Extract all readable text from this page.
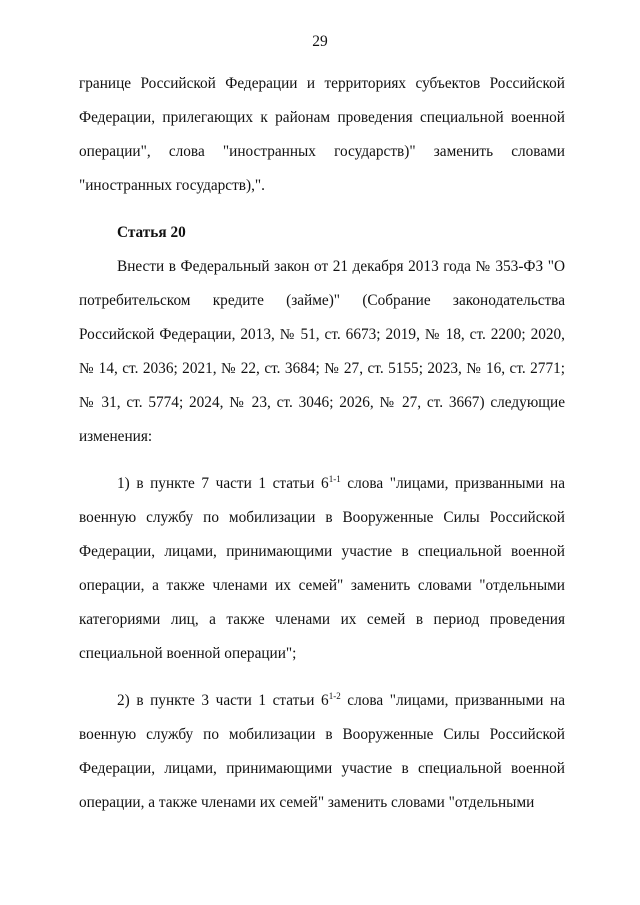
29

границе Российской Федерации и территориях субъектов Российской Федерации, прилегающих к районам проведения специальной военной операции", слова "иностранных государств)" заменить словами "иностранных государств),".

Статья 20

Внести в Федеральный закон от 21 декабря 2013 года № 353-ФЗ "О потребительском кредите (займе)" (Собрание законодательства Российской Федерации, 2013, № 51, ст. 6673; 2019, № 18, ст. 2200; 2020, № 14, ст. 2036; 2021, № 22, ст. 3684; № 27, ст. 5155; 2023, № 16, ст. 2771; № 31, ст. 5774; 2024, № 23, ст. 3046; 2026, № 27, ст. 3667) следующие изменения:

1) в пункте 7 части 1 статьи 6$^{1-1}$ слова "лицами, призванными на военную службу по мобилизации в Вооруженные Силы Российской Федерации, лицами, принимающими участие в специальной военной операции, а также членами их семей" заменить словами "отдельными категориями лиц, а также членами их семей в период проведения специальной военной операции";

2) в пункте 3 части 1 статьи 6$^{1-2}$ слова "лицами, призванными на военную службу по мобилизации в Вооруженные Силы Российской Федерации, лицами, принимающими участие в специальной военной операции, а также членами их семей" заменить словами "отдельными
